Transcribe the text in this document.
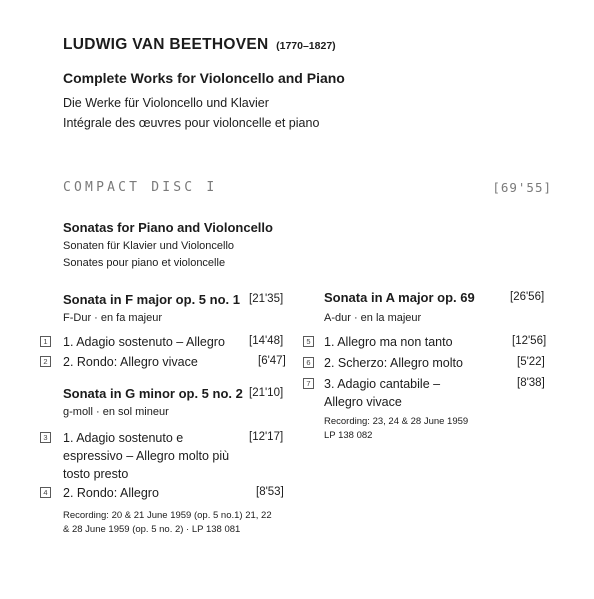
LUDWIG VAN BEETHOVEN (1770–1827)
Complete Works for Violoncello and Piano
Die Werke für Violoncello und Klavier
Intégrale des œuvres pour violoncelle et piano
COMPACT DISC I	[69'55]
Sonatas for Piano and Violoncello
Sonaten für Klavier und Violoncello
Sonates pour piano et violoncelle
Sonata in F major op. 5 no. 1 [21'35]
F-Dur · en fa majeur
1 1. Adagio sostenuto – Allegro	[14'48]
2 2. Rondo: Allegro vivace	[6'47]
Sonata in G minor op. 5 no. 2 [21'10]
g-moll · en sol mineur
3 1. Adagio sostenuto e espressivo – Allegro molto più tosto presto
[12'17]
4 2. Rondo: Allegro	[8'53]
Recording: 20 & 21 June 1959 (op. 5 no.1) 21, 22 & 28 June 1959 (op. 5 no. 2) · LP 138 081
Sonata in A major op. 69	[26'56]
A-dur · en la majeur
5 1. Allegro ma non tanto	[12'56]
6 2. Scherzo: Allegro molto	[5'22]
7 3. Adagio cantabile – Allegro vivace
[8'38]
Recording: 23, 24 & 28 June 1959 LP 138 082
